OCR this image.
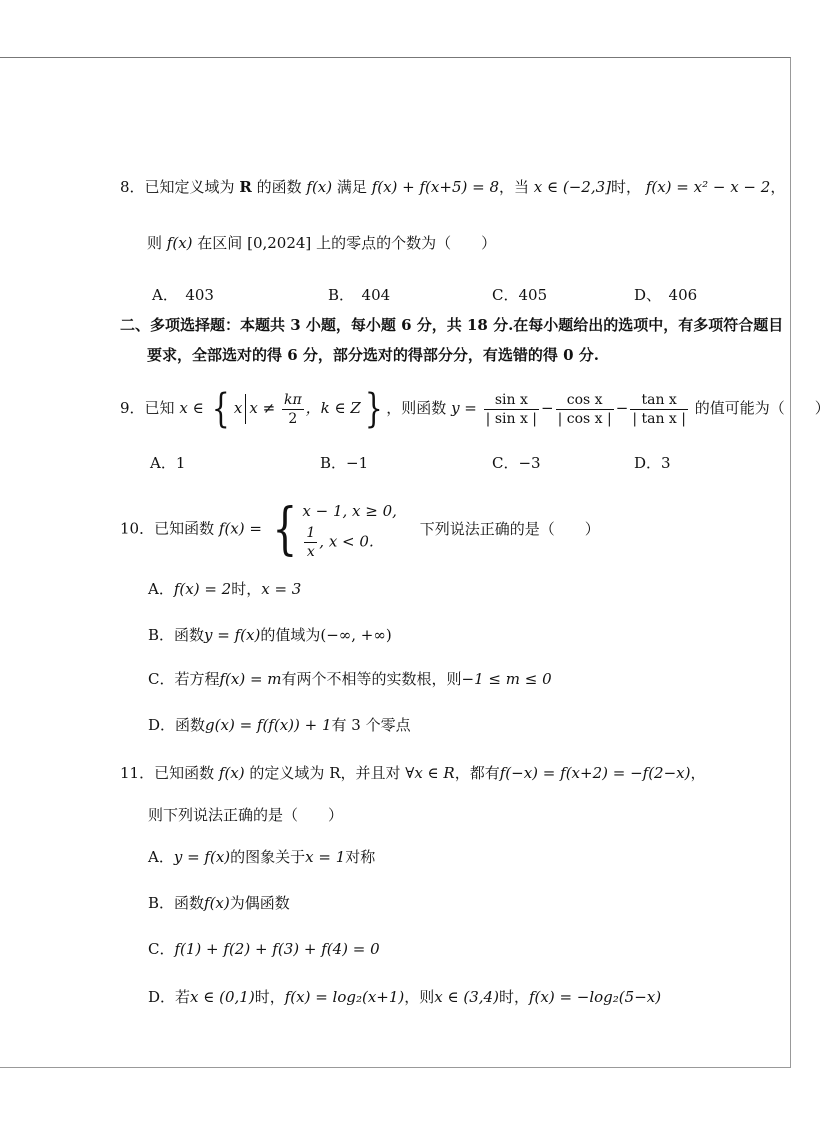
8．已知定义域为 R 的函数 f(x) 满足 f(x) + f(x+5) = 8，当 x ∈ (−2,3]时， f(x) = x² − x − 2，
则 f(x) 在区间 [0,2024] 上的零点的个数为（　　）
A．　403	B．　404	C．405	D、　406
二、多项选择题：本题共 3 小题，每小题 6 分，共 18 分.在每小题给出的选项中，有多项符合题目
要求，全部选对的得 6 分，部分选对的得部分分，有选错的得 0 分.
9．已知 x ∈ { x $x \ne \frac{k\pi}{2}$ ，k ∈ Z} ，则函数 $y = \frac{\text{sin x}}{\text{| sin x |}} - \frac{\text{cos x}}{\text{| cos x |}} - \frac{\text{tan x}}{\text{| tan x |}}$ 的值可能为（　　）
A．1	B．−1	C．−3	D．3
10．已知函数 f(x) = { x − 1, x ≥ 0,
$\frac{1}{x}$ , x < 0.
下列说法正确的是（　　）
A．f(x) = 2时，x = 3
B．函数y = f(x)的值域为(−∞, +∞)
C．若方程f(x) = m有两个不相等的实数根，则−1 ≤ m ≤ 0
D．函数g(x) = f(f(x)) + 1有 3 个零点
11．已知函数 f(x) 的定义域为 R，并且对 ∀x ∈ R，都有f(−x) = f(x+2) = −f(2−x)，
则下列说法正确的是（　　）
A．y = f(x)的图象关于x = 1对称
B．函数f(x)为偶函数
C．f(1) + f(2) + f(3) + f(4) = 0
D．若x ∈ (0,1)时，f(x) = log₂(x+1)，则x ∈ (3,4)时，f(x) = −log₂(5−x)
